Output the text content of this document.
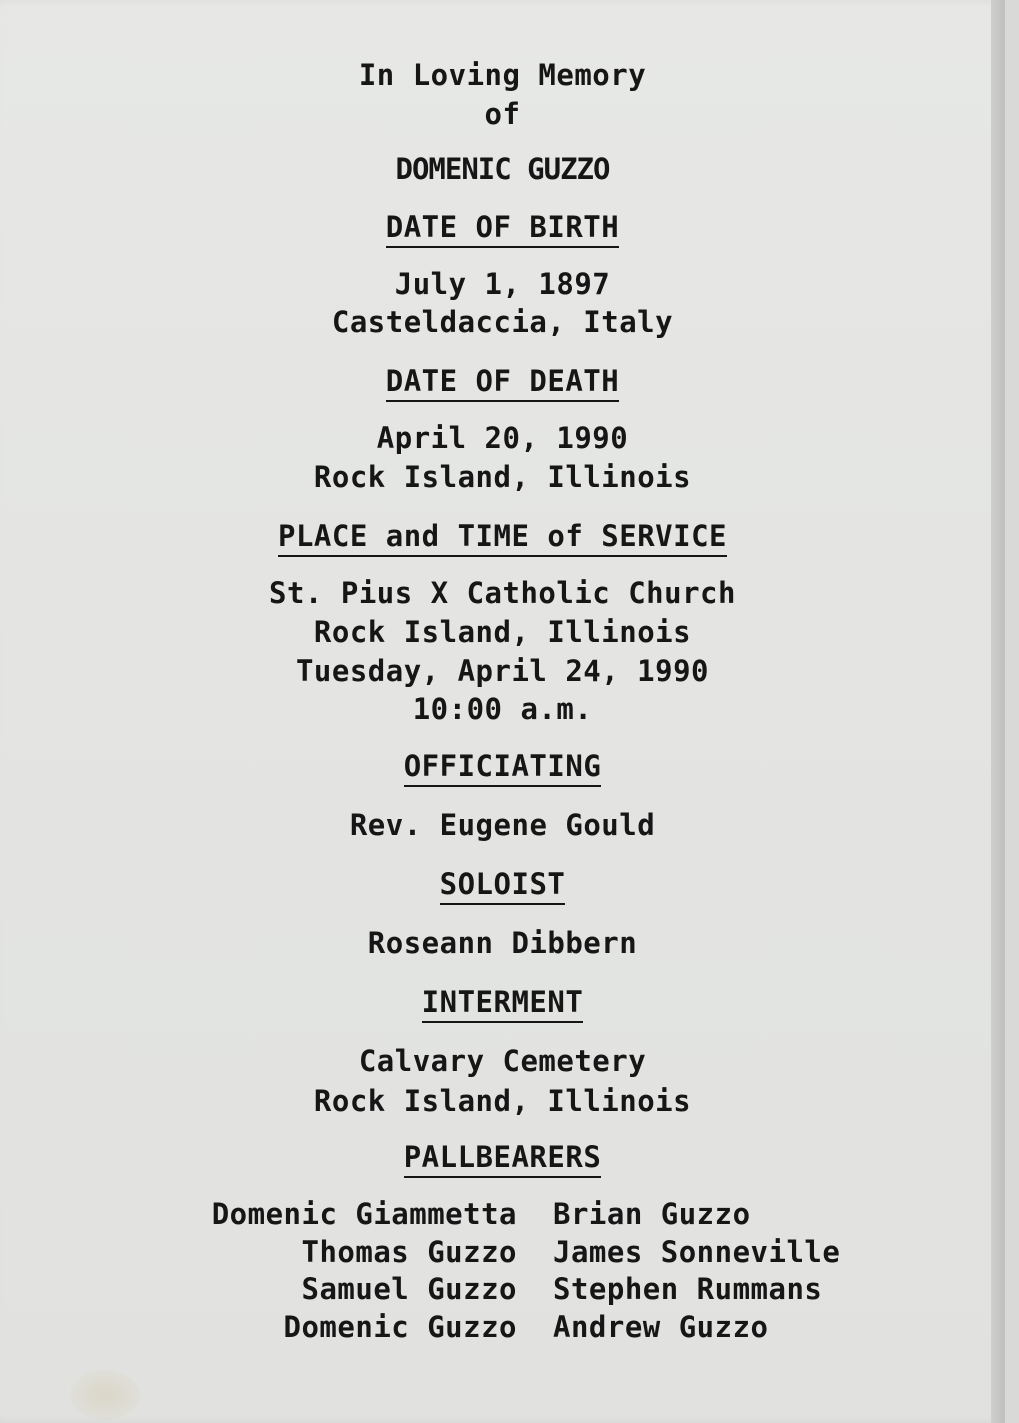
In Loving Memory
of
DOMENIC GUZZO
DATE OF BIRTH
July 1, 1897
Casteldaccia, Italy
DATE OF DEATH
April 20, 1990
Rock Island, Illinois
PLACE and TIME of SERVICE
St. Pius X Catholic Church
Rock Island, Illinois
Tuesday, April 24, 1990
10:00 a.m.
OFFICIATING
Rev. Eugene Gould
SOLOIST
Roseann Dibbern
INTERMENT
Calvary Cemetery
Rock Island, Illinois
PALLBEARERS
Domenic Giammetta
Thomas Guzzo
Samuel Guzzo
Domenic Guzzo
Brian Guzzo
James Sonneville
Stephen Rummans
Andrew Guzzo
